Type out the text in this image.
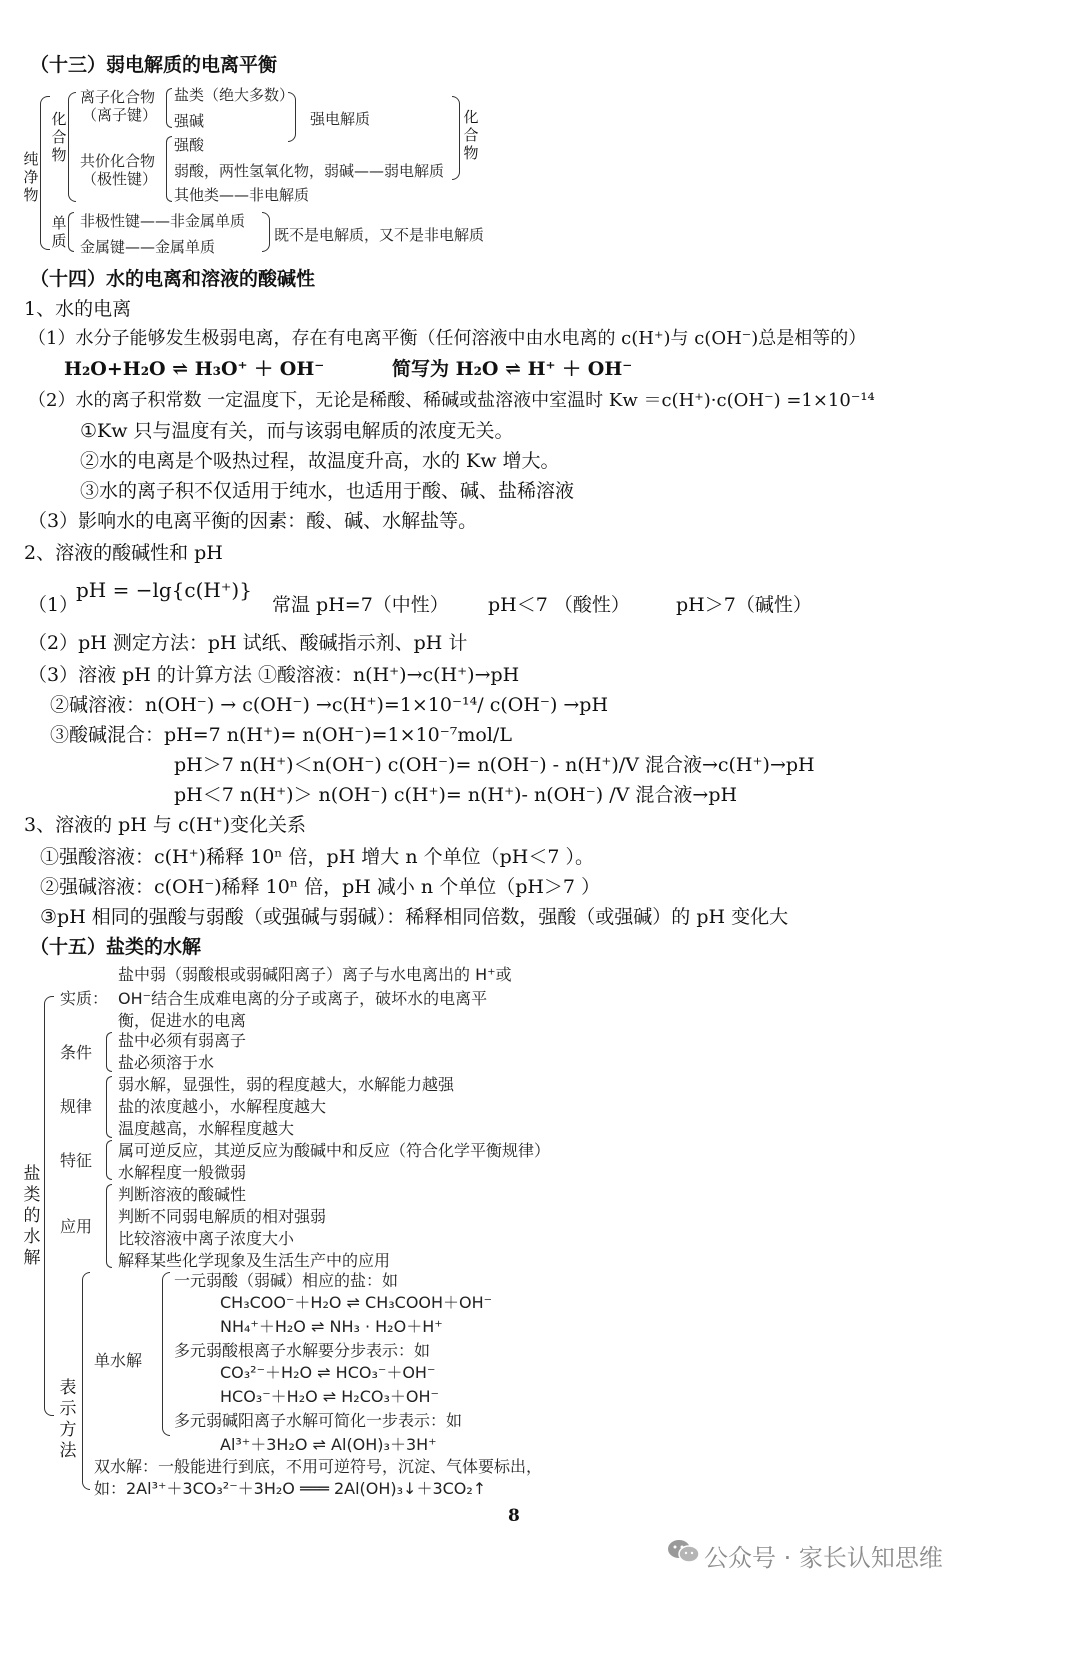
（十三）弱电解质的电离平衡
纯净物
化合物
离子化合物
（离子键）
盐类（绝大多数）
强碱
共价化合物
（极性键）
强酸
弱酸，两性氢氧化物，弱碱——弱电解质
其他类——非电解质
强电解质	化合物
单质
非极性键——非金属单质
金属键——金属单质
既不是电解质，又不是非电解质
（十四）水的电离和溶液的酸碱性
1、水的电离
（1）水分子能够发生极弱电离，存在有电离平衡（任何溶液中由水电离的 c(H⁺)与 c(OH⁻)总是相等的）
H₂O+H₂O ⇌ H₃O⁺ ＋ OH⁻	简写为 H₂O ⇌ H⁺ ＋ OH⁻
（2）水的离子积常数 一定温度下，无论是稀酸、稀碱或盐溶液中室温时 Kw ＝c(H⁺)·c(OH⁻) =1×10⁻¹⁴
①Kw 只与温度有关，而与该弱电解质的浓度无关。
②水的电离是个吸热过程，故温度升高，水的 Kw 增大。
③水的离子积不仅适用于纯水，也适用于酸、碱、盐稀溶液
（3）影响水的电离平衡的因素：酸、碱、水解盐等。
2、溶液的酸碱性和 pH
（1）
pH = −lg{c(H⁺)}
常温 pH=7（中性） pH＜7 （酸性） pH＞7（碱性）
（2）pH 测定方法：pH 试纸、酸碱指示剂、pH 计
（3）溶液 pH 的计算方法 ①酸溶液：n(H⁺)→c(H⁺)→pH
②碱溶液：n(OH⁻) → c(OH⁻) →c(H⁺)=1×10⁻¹⁴/ c(OH⁻) →pH
③酸碱混合：pH=7 n(H⁺)= n(OH⁻)=1×10⁻⁷mol/L
pH＞7 n(H⁺)＜n(OH⁻) c(OH⁻)= n(OH⁻) - n(H⁺)/V 混合液→c(H⁺)→pH
pH＜7 n(H⁺)＞ n(OH⁻) c(H⁺)= n(H⁺)- n(OH⁻) /V 混合液→pH
3、溶液的 pH 与 c(H⁺)变化关系
①强酸溶液：c(H⁺)稀释 10ⁿ 倍，pH 增大 n 个单位（pH＜7 ）。
②强碱溶液：c(OH⁻)稀释 10ⁿ 倍，pH 减小 n 个单位（pH＞7 ）
③pH 相同的强酸与弱酸（或强碱与弱碱）：稀释相同倍数，强酸（或强碱）的 pH 变化大
（十五）盐类的水解
盐类的水解
盐中弱（弱酸根或弱碱阳离子）离子与水电离出的 H⁺或
实质： OH⁻结合生成难电离的分子或离子，破坏水的电离平
衡，促进水的电离
条件
盐中必须有弱离子
盐必须溶于水
规律
弱水解，显强性，弱的程度越大，水解能力越强
盐的浓度越小，水解程度越大
温度越高，水解程度越大
特征
属可逆反应，其逆反应为酸碱中和反应（符合化学平衡规律）
水解程度一般微弱
应用
判断溶液的酸碱性
判断不同弱电解质的相对强弱
比较溶液中离子浓度大小
解释某些化学现象及生活生产中的应用
表示方法
单水解
一元弱酸（弱碱）相应的盐：如
CH₃COO⁻＋H₂O ⇌ CH₃COOH＋OH⁻
NH₄⁺＋H₂O ⇌ NH₃ · H₂O＋H⁺
多元弱酸根离子水解要分步表示：如
CO₃²⁻＋H₂O ⇌ HCO₃⁻＋OH⁻
HCO₃⁻＋H₂O ⇌ H₂CO₃＋OH⁻
多元弱碱阳离子水解可简化一步表示：如
Al³⁺＋3H₂O ⇌ Al(OH)₃＋3H⁺
双水解：一般能进行到底，不用可逆符号，沉淀、气体要标出，
如：2Al³⁺＋3CO₃²⁻＋3H₂O ═══ 2Al(OH)₃↓＋3CO₂↑
8
公众号 · 家长认知思维
